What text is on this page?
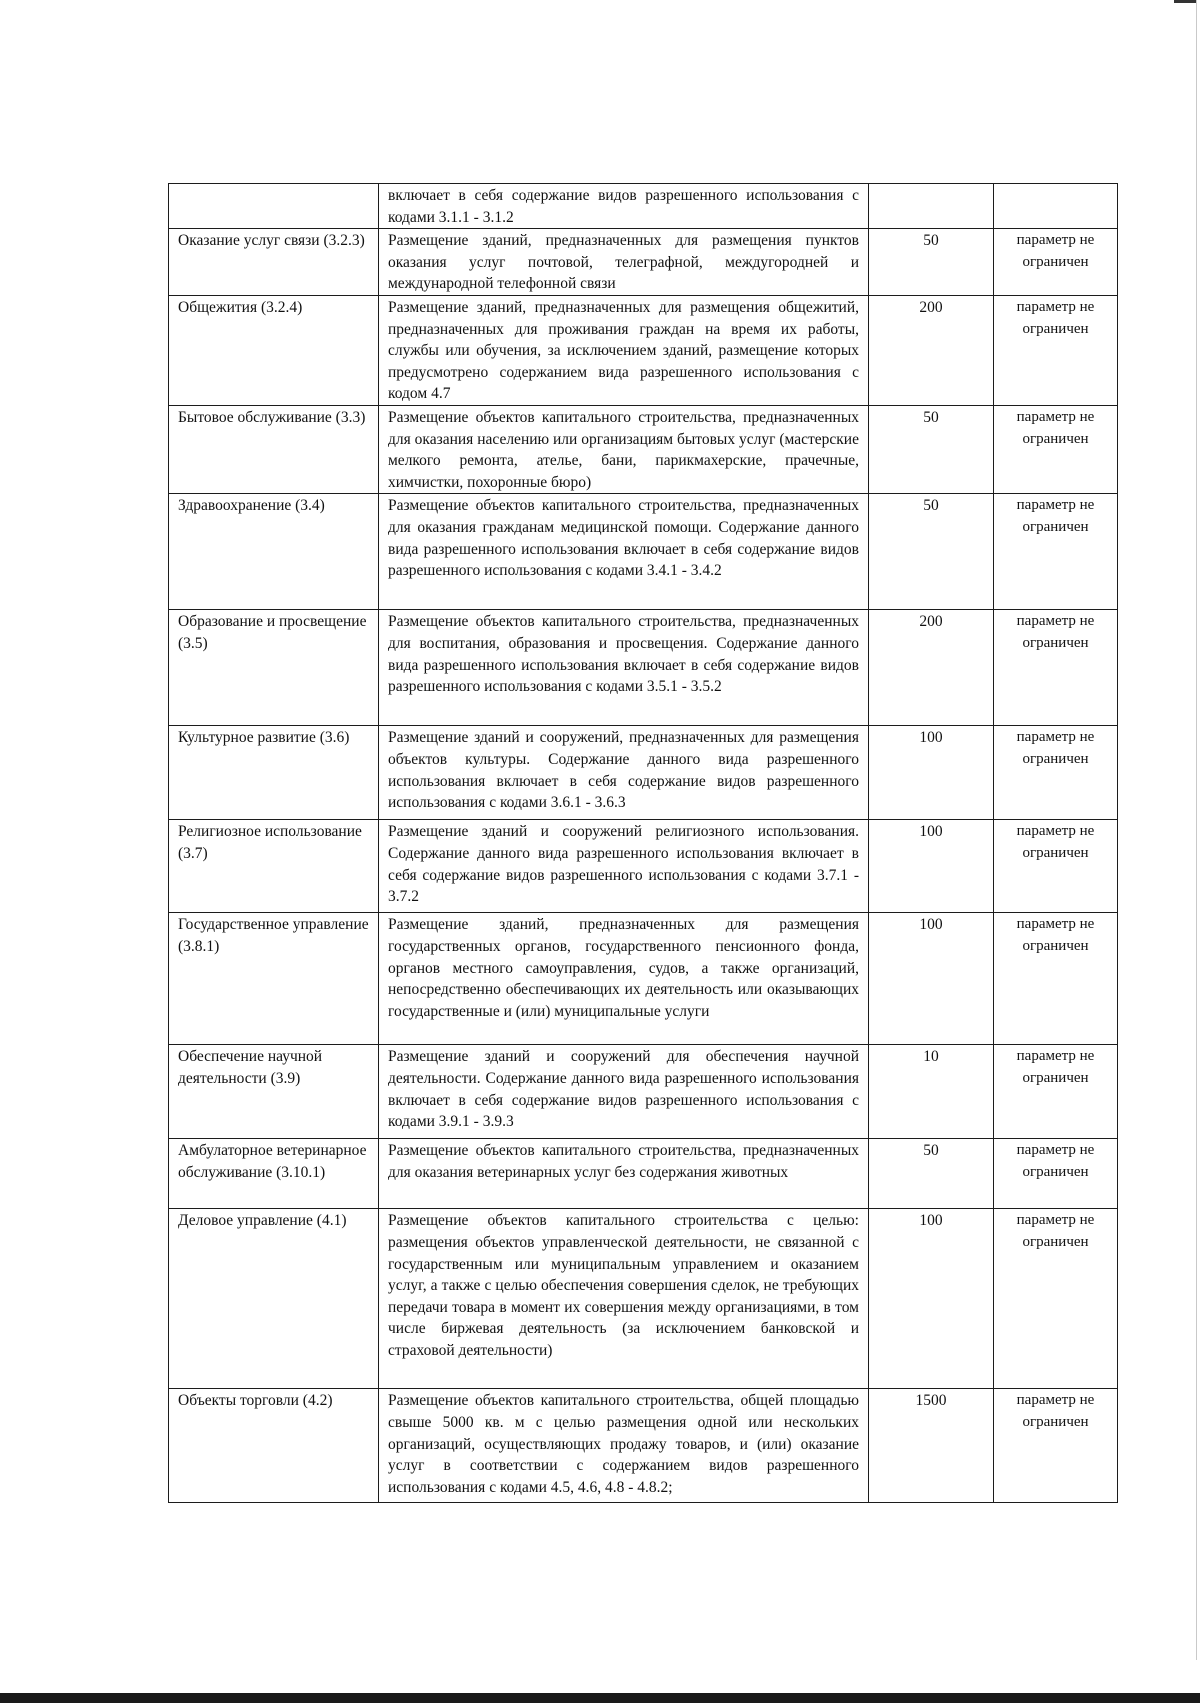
	включает в себя содержание видов разрешенного использования с кодами 3.1.1 - 3.1.2		
Оказание услуг связи (3.2.3)	Размещение зданий, предназначенных для размещения пунктов оказания услуг почтовой, телеграфной, междугородней и международной телефонной связи	50	параметр не ограничен
Общежития (3.2.4)	Размещение зданий, предназначенных для размещения общежитий, предназначенных для проживания граждан на время их работы, службы или обучения, за исключением зданий, размещение которых предусмотрено содержанием вида разрешенного использования с кодом 4.7	200	параметр не ограничен
Бытовое обслуживание (3.3)	Размещение объектов капитального строительства, предназначенных для оказания населению или организациям бытовых услуг (мастерские мелкого ремонта, ателье, бани, парикмахерские, прачечные, химчистки, похоронные бюро)	50	параметр не ограничен
Здравоохранение (3.4)	Размещение объектов капитального строительства, предназначенных для оказания гражданам медицинской помощи. Содержание данного вида разрешенного использования включает в себя содержание видов разрешенного использования с кодами 3.4.1 - 3.4.2	50	параметр не ограничен
Образование и просвещение (3.5)	Размещение объектов капитального строительства, предназначенных для воспитания, образования и просвещения. Содержание данного вида разрешенного использования включает в себя содержание видов разрешенного использования с кодами 3.5.1 - 3.5.2	200	параметр не ограничен
Культурное развитие (3.6)	Размещение зданий и сооружений, предназначенных для размещения объектов культуры. Содержание данного вида разрешенного использования включает в себя содержание видов разрешенного использования с кодами 3.6.1 - 3.6.3	100	параметр не ограничен
Религиозное использование (3.7)	Размещение зданий и сооружений религиозного использования. Содержание данного вида разрешенного использования включает в себя содержание видов разрешенного использования с кодами 3.7.1 - 3.7.2	100	параметр не ограничен
Государственное управление (3.8.1)	Размещение зданий, предназначенных для размещения государственных органов, государственного пенсионного фонда, органов местного самоуправления, судов, а также организаций, непосредственно обеспечивающих их деятельность или оказывающих государственные и (или) муниципальные услуги	100	параметр не ограничен
Обеспечение научной деятельности (3.9)	Размещение зданий и сооружений для обеспечения научной деятельности. Содержание данного вида разрешенного использования включает в себя содержание видов разрешенного использования с кодами 3.9.1 - 3.9.3	10	параметр не ограничен
Амбулаторное ветеринарное обслуживание (3.10.1)	Размещение объектов капитального строительства, предназначенных для оказания ветеринарных услуг без содержания животных	50	параметр не ограничен
Деловое управление (4.1)	Размещение объектов капитального строительства с целью: размещения объектов управленческой деятельности, не связанной с государственным или муниципальным управлением и оказанием услуг, а также с целью обеспечения совершения сделок, не требующих передачи товара в момент их совершения между организациями, в том числе биржевая деятельность (за исключением банковской и страховой деятельности)	100	параметр не ограничен
Объекты торговли (4.2)	Размещение объектов капитального строительства, общей площадью свыше 5000 кв. м с целью размещения одной или нескольких организаций, осуществляющих продажу товаров, и (или) оказание услуг в соответствии с содержанием видов разрешенного использования с кодами 4.5, 4.6, 4.8 - 4.8.2;	1500	параметр не ограничен
